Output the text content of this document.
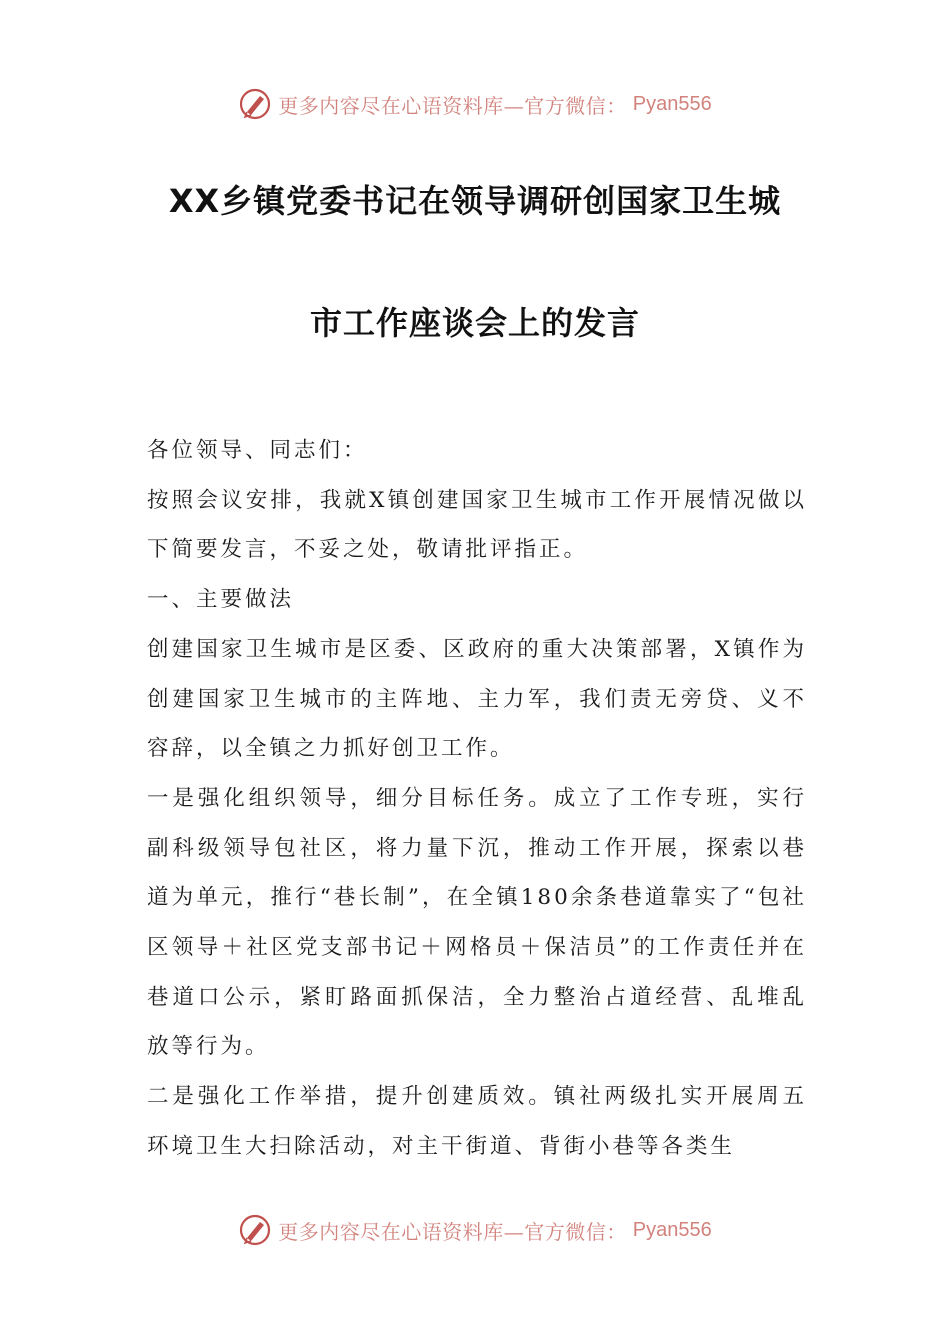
更多内容尽在心语资料库—官方微信： Pyan556
XX乡镇党委书记在领导调研创国家卫生城
市工作座谈会上的发言

各位领导、同志们：

按照会议安排，我就X镇创建国家卫生城市工作开展情况做以下简要发言，不妥之处，敬请批评指正。

一、主要做法

创建国家卫生城市是区委、区政府的重大决策部署，X镇作为创建国家卫生城市的主阵地、主力军，我们责无旁贷、义不容辞，以全镇之力抓好创卫工作。

一是强化组织领导，细分目标任务。成立了工作专班，实行副科级领导包社区，将力量下沉，推动工作开展，探索以巷道为单元，推行“巷长制”，在全镇180余条巷道靠实了“包社区领导＋社区党支部书记＋网格员＋保洁员”的工作责任并在巷道口公示，紧盯路面抓保洁，全力整治占道经营、乱堆乱放等行为。

二是强化工作举措，提升创建质效。镇社两级扎实开展周五环境卫生大扫除活动，对主干街道、背街小巷等各类生

更多内容尽在心语资料库—官方微信： Pyan556
